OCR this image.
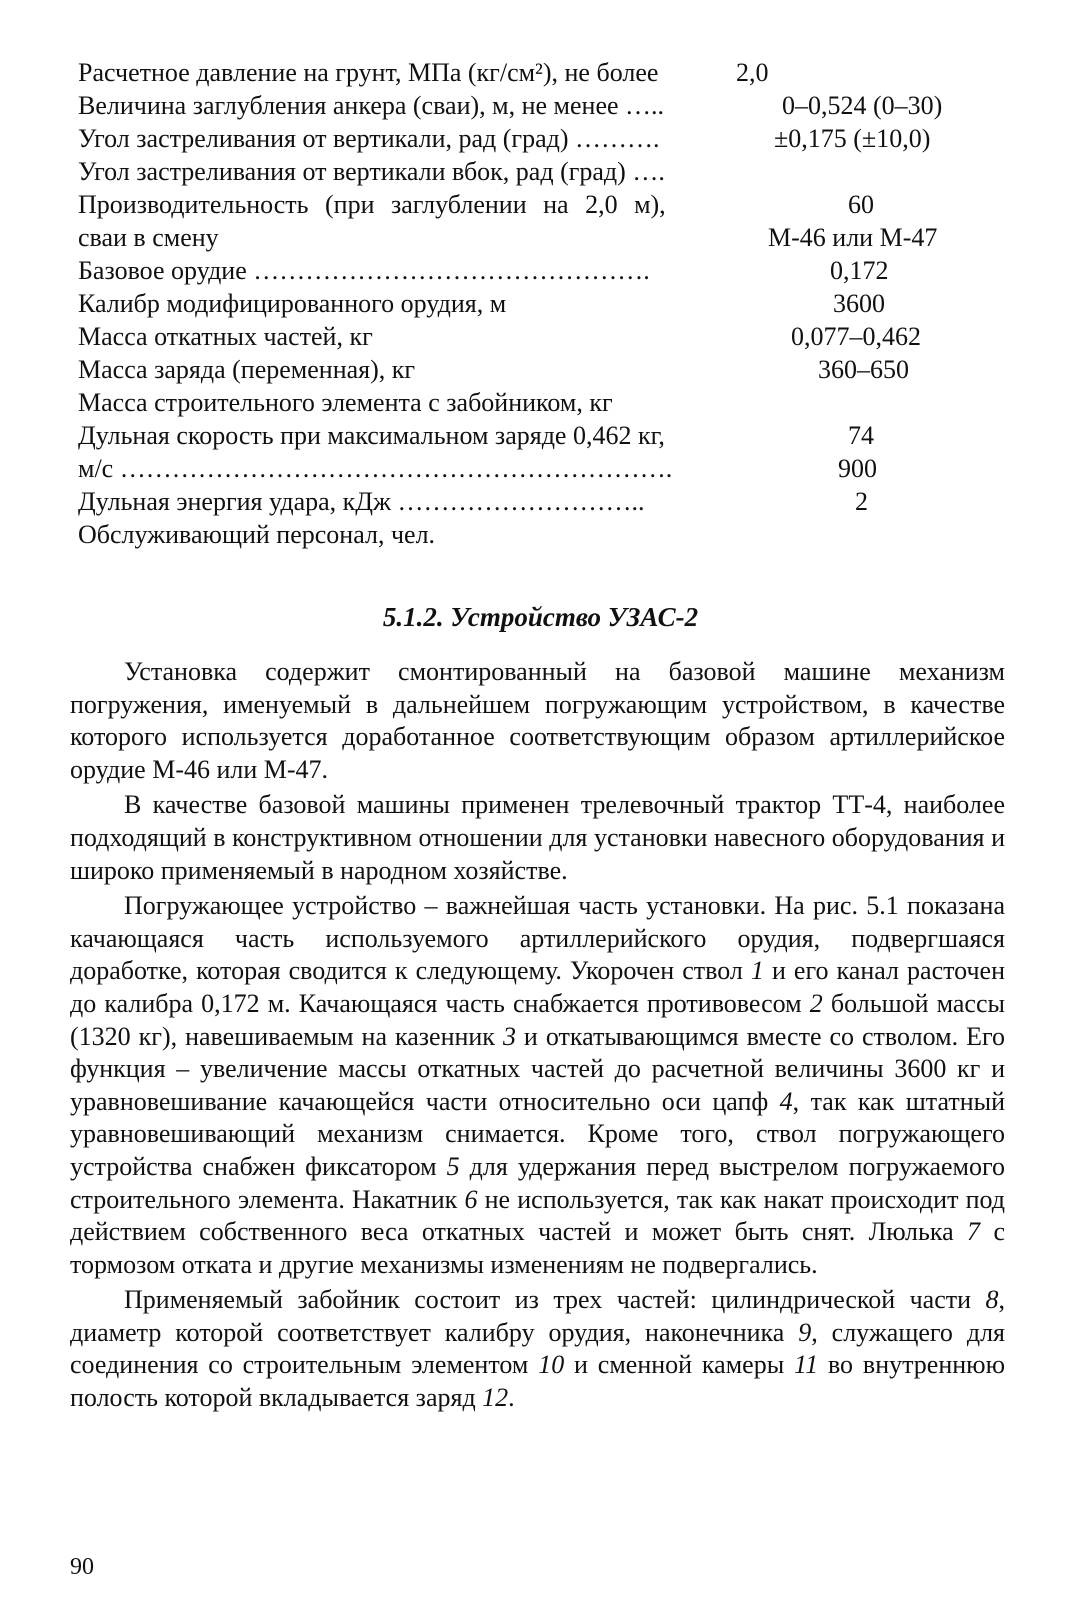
Расчетное давление на грунт, МПа (кг/см²), не более
Величина заглубления анкера (сваи), м, не менее …..
Угол застреливания от вертикали, рад (град) ……….
Угол застреливания от вертикали вбок, рад (град) ….
Производительность (при заглублении на 2,0 м),
сваи в смену
Базовое орудие ……………………………………….
Калибр модифицированного орудия, м
Масса откатных частей, кг
Масса заряда (переменная), кг
Масса строительного элемента с забойником, кг
Дульная скорость при максимальном заряде 0,462 кг,
м/с ……………………………………………………….
Дульная энергия удара, кДж ………………………..
Обслуживающий персонал, чел.
2,0
0–0,524 (0–30)
±0,175 (±10,0)
60
М-46 или М-47
0,172
3600
0,077–0,462
360–650
74
900
2
5.1.2. Устройство УЗАС-2

Установка содержит смонтированный на базовой машине механизм погружения, именуемый в дальнейшем погружающим устройством, в качестве которого используется доработанное соответствующим образом артиллерийское орудие М-46 или М-47.

В качестве базовой машины применен трелевочный трактор ТТ-4, наиболее подходящий в конструктивном отношении для установки навесного оборудования и широко применяемый в народном хозяйстве.

Погружающее устройство – важнейшая часть установки. На рис. 5.1 показана качающаяся часть используемого артиллерийского орудия, подвергшаяся доработке, которая сводится к следующему. Укорочен ствол 1 и его канал расточен до калибра 0,172 м. Качающаяся часть снабжается противовесом 2 большой массы (1320 кг), навешиваемым на казенник 3 и откатывающимся вместе со стволом. Его функция – увеличение массы откатных частей до расчетной величины 3600 кг и уравновешивание качающейся части относительно оси цапф 4, так как штатный уравновешивающий механизм снимается. Кроме того, ствол погружающего устройства снабжен фиксатором 5 для удержания перед выстрелом погружаемого строительного элемента. Накатник 6 не используется, так как накат происходит под действием собственного веса откатных частей и может быть снят. Люлька 7 с тормозом отката и другие механизмы изменениям не подвергались.

Применяемый забойник состоит из трех частей: цилиндрической части 8, диаметр которой соответствует калибру орудия, наконечника 9, служащего для соединения со строительным элементом 10 и сменной камеры 11 во внутреннюю полость которой вкладывается заряд 12.

90
